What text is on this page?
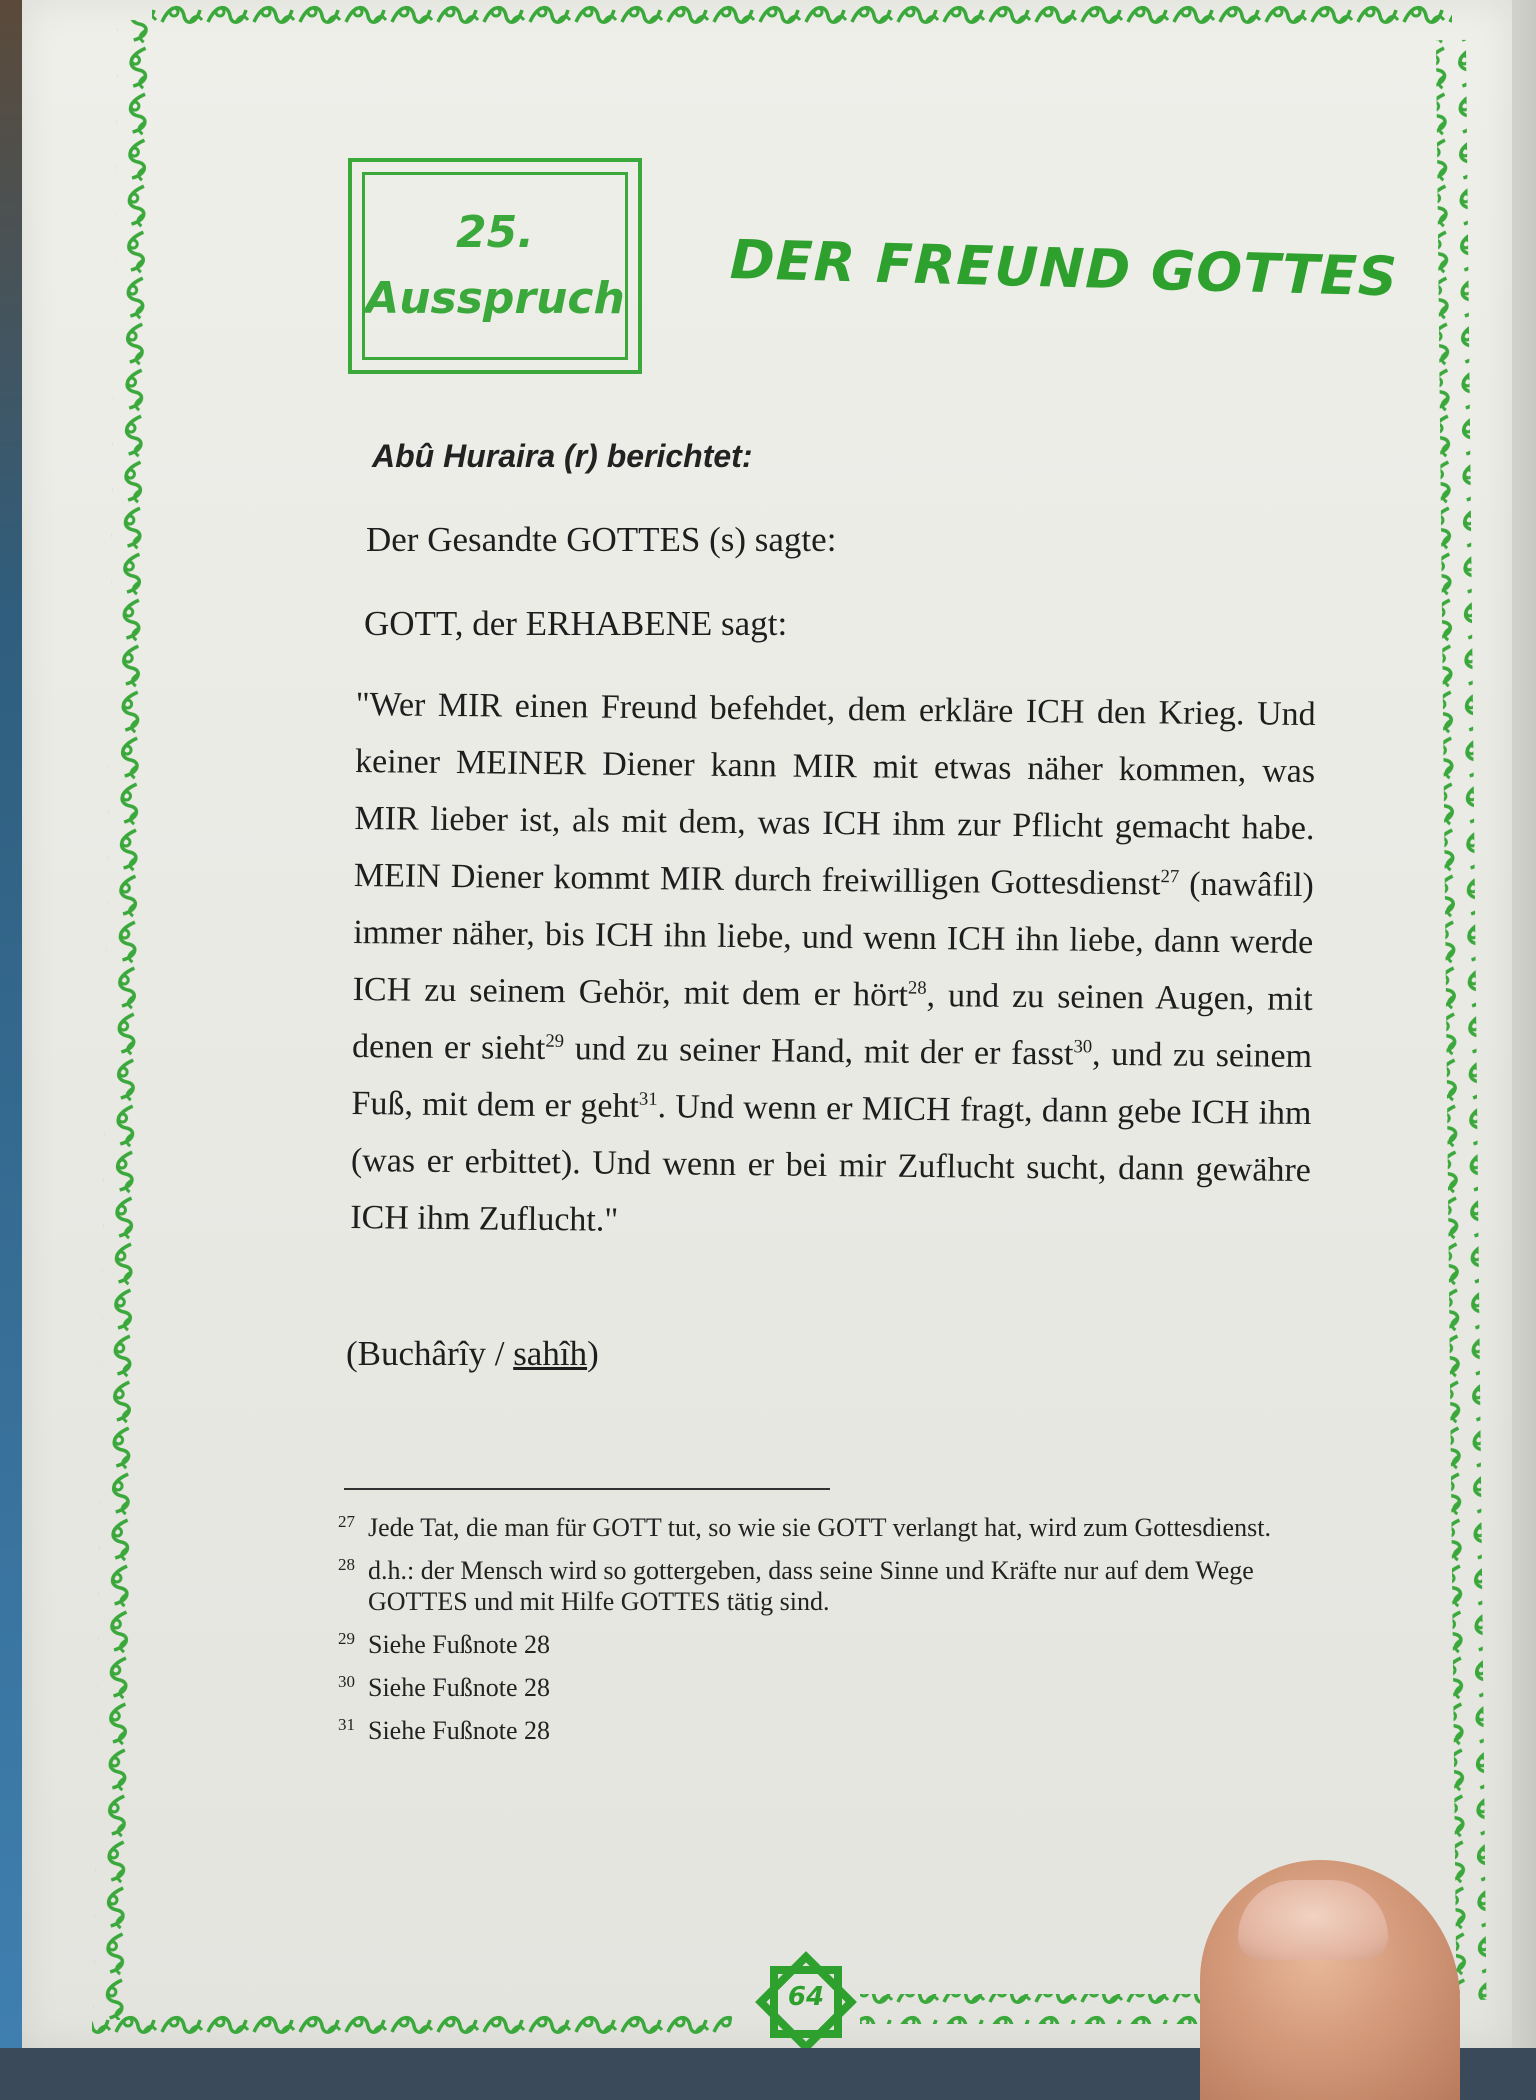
25.
Ausspruch DER FREUND GOTTES
Abû Huraira (r) berichtet:
Der Gesandte GOTTES (s) sagte:
GOTT, der ERHABENE sagt:
"Wer MIR einen Freund befehdet, dem erkläre ICH den Krieg. Und keiner MEINER Diener kann MIR mit etwas näher kommen, was MIR lieber ist, als mit dem, was ICH ihm zur Pflicht gemacht habe. MEIN Diener kommt MIR durch freiwilligen Gottesdienst$^{27}$ (nawâfil) immer näher, bis ICH ihn liebe, und wenn ICH ihn liebe, dann werde ICH zu seinem Gehör, mit dem er hört$^{28}$, und zu seinen Augen, mit denen er sieht$^{29}$ und zu seiner Hand, mit der er fasst$^{30}$, und zu seinem Fuß, mit dem er geht$^{31}$. Und wenn er MICH fragt, dann gebe ICH ihm (was er erbittet). Und wenn er bei mir Zuflucht sucht, dann gewähre ICH ihm Zuflucht."
(Buchârîy / sahîh)
27 Jede Tat, die man für GOTT tut, so wie sie GOTT verlangt hat, wird zum Gottesdienst.
28 d.h.: der Mensch wird so gottergeben, dass seine Sinne und Kräfte nur auf dem Wege GOTTES und mit Hilfe GOTTES tätig sind.
29 Siehe Fußnote 28
30 Siehe Fußnote 28
31 Siehe Fußnote 28
64
